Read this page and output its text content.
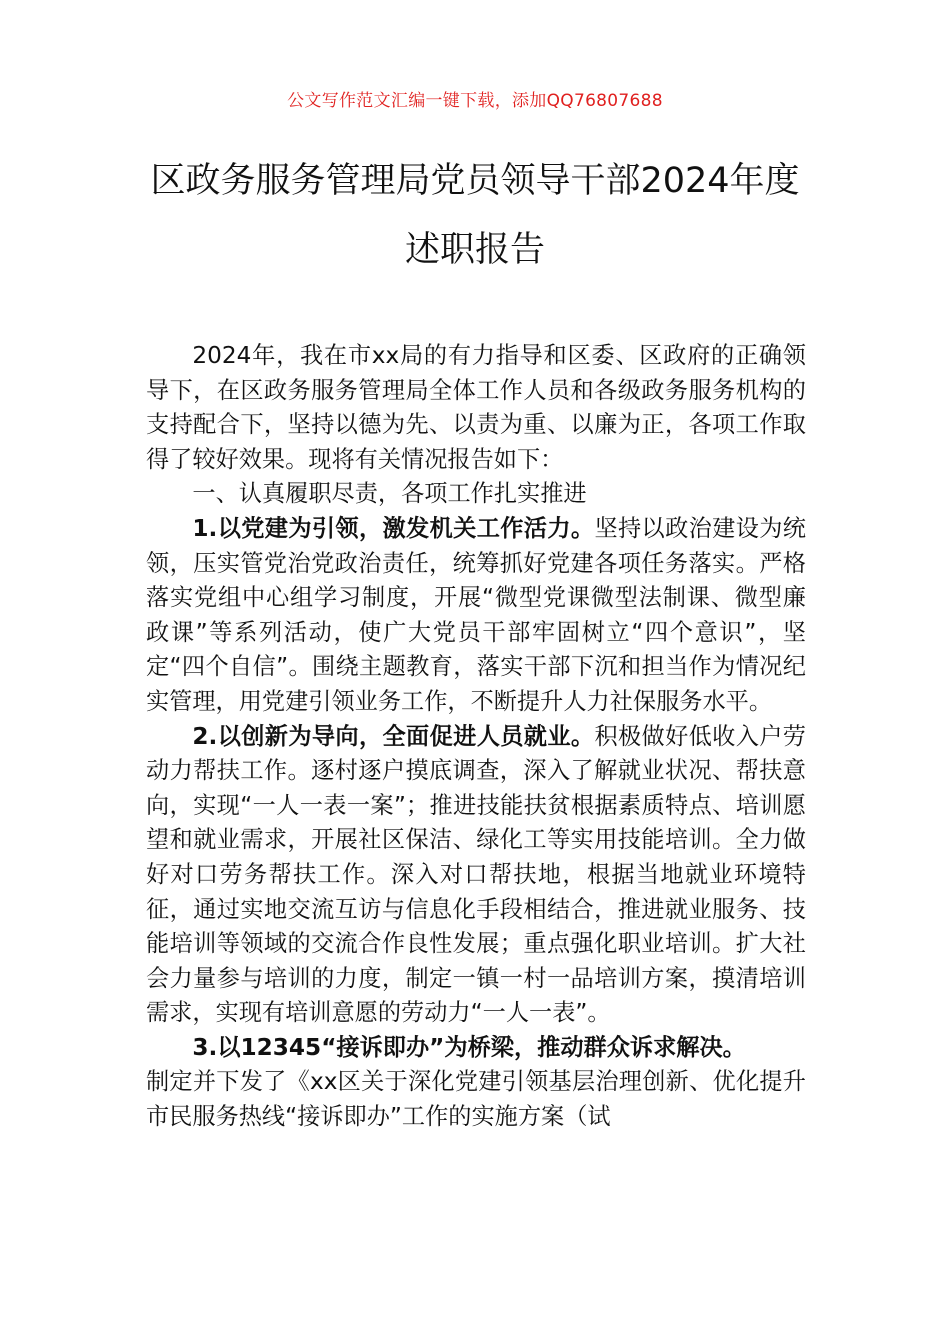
公文写作范文汇编一键下载，添加QQ76807688
区政务服务管理局党员领导干部2024年度
述职报告

2024年，我在市xx局的有力指导和区委、区政府的正确领导下，在区政务服务管理局全体工作人员和各级政务服务机构的支持配合下，坚持以德为先、以责为重、以廉为正，各项工作取得了较好效果。现将有关情况报告如下：

一、认真履职尽责，各项工作扎实推进

1.以党建为引领，激发机关工作活力。坚持以政治建设为统领，压实管党治党政治责任，统筹抓好党建各项任务落实。严格落实党组中心组学习制度，开展“微型党课微型法制课、微型廉政课”等系列活动，使广大党员干部牢固树立“四个意识”，坚定“四个自信”。围绕主题教育，落实干部下沉和担当作为情况纪实管理，用党建引领业务工作，不断提升人力社保服务水平。

2.以创新为导向，全面促进人员就业。积极做好低收入户劳动力帮扶工作。逐村逐户摸底调查，深入了解就业状况、帮扶意向，实现“一人一表一案”；推进技能扶贫根据素质特点、培训愿望和就业需求，开展社区保洁、绿化工等实用技能培训。全力做好对口劳务帮扶工作。深入对口帮扶地，根据当地就业环境特征，通过实地交流互访与信息化手段相结合，推进就业服务、技能培训等领域的交流合作良性发展；重点强化职业培训。扩大社会力量参与培训的力度，制定一镇一村一品培训方案，摸清培训需求，实现有培训意愿的劳动力“一人一表”。

3.以12345“接诉即办”为桥梁，推动群众诉求解决。

制定并下发了《xx区关于深化党建引领基层治理创新、优化提升市民服务热线“接诉即办”工作的实施方案（试
